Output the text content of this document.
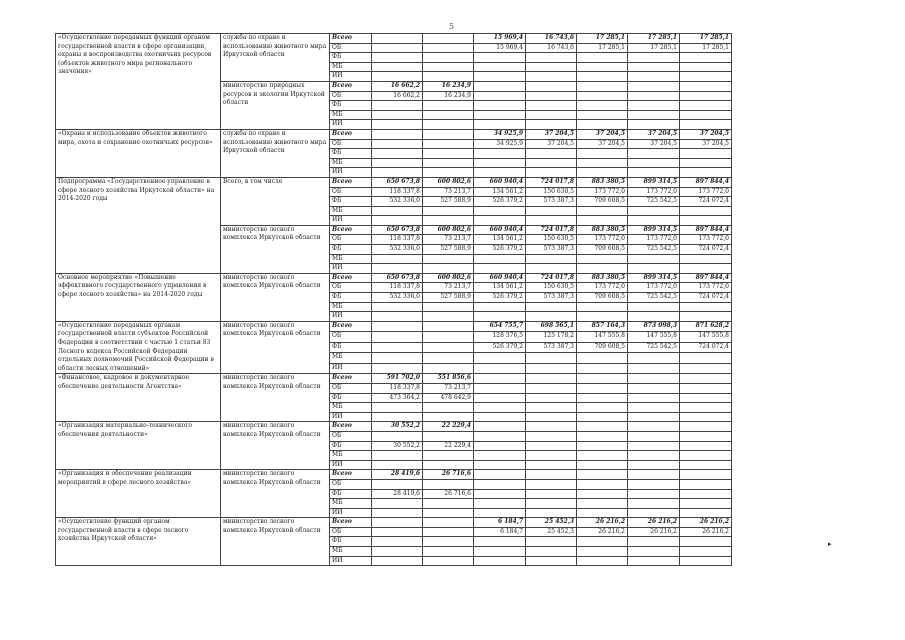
5
«Осуществление переданных функций органом государственной власти в сфере организации, охраны и воспроизводства охотничьих ресурсов (объектов животного мира регионального значения»	служба по охране и использованию животного мира Иркутской области	Всего			15 969,4	16 743,6	17 285,1	17 285,1	17 285,1
		ОБ			15 969,4	16 743,6	17 285,1	17 285,1	17 285,1
		ФБ							
		МБ							
		ИИ							
	министерство природных ресурсов и экологии Иркутской области	Всего	16 662,2	16 234,9					
		ОБ	16 662,2	16 234,9					
		ФБ							
		МБ							
		ИИ							
«Охрана и использование объектов животного мира, охота и сохранение охотничьих ресурсов»	служба по охране и использованию животного мира Иркутской области	Всего			34 925,9	37 204,5	37 204,5	37 204,5	37 204,5
		ОБ			34 925,9	37 204,5	37 204,5	37 204,5	37 204,5
		ФБ							
		МБ							
		ИИ							
Подпрограмма «Государственное управление в сфере лесного хозяйства Иркутской области» на 2014-2020 годы	Всего, в том числе	Всего	650 673,8	600 802,6	660 940,4	724 017,8	883 380,5	899 314,5	897 844,4
		ОБ	118 337,8	73 213,7	134 561,2	150 630,5	173 772,0	173 772,0	173 772,0
		ФБ	532 336,0	527 588,9	526 379,2	573 387,3	709 608,5	725 542,5	724 072,4
		МБ							
		ИИ							
	министерство лесного комплекса Иркутской области	Всего	650 673,8	600 802,6	660 940,4	724 017,8	883 380,5	899 314,5	897 844,4
		ОБ	118 337,8	73 213,7	134 561,2	150 630,5	173 772,0	173 772,0	173 772,0
		ФБ	532 336,0	527 588,9	526 379,2	573 387,3	709 608,5	725 542,5	724 072,4
		МБ							
		ИИ							
Основное мероприятие «Повышение эффективного государственного управления в сфере лесного хозяйства» на 2014-2020 годы	министерство лесного комплекса Иркутской области	Всего	650 673,8	600 802,6	660 940,4	724 017,8	883 380,5	899 314,5	897 844,4
		ОБ	118 337,8	73 213,7	134 561,2	150 630,5	173 772,0	173 772,0	173 772,0
		ФБ	532 336,0	527 588,9	526 379,2	573 387,3	709 608,5	725 542,5	724 072,4
		МБ							
		ИИ							
«Осуществление переданных органам государственной власти субъектов Российской Федерации в соответствии с частью 1 статьи 83 Лесного кодекса Российской Федерации отдельных полномочий Российской Федерации в области лесных отношений»	министерство лесного комплекса Иркутской области	Всего			654 755,7	698 565,1	857 164,3	873 098,3	871 628,2
		ОБ			128 376,5	125 178,2	147 555,8	147 555,8	147 555,8
		ФБ			526 379,2	573 387,3	709 608,5	725 542,5	724 072,4
		МБ							
		ИИ							
«Финансовое, кадровое и документарное обеспечение деятельности Агентства»	министерство лесного комплекса Иркутской области	Всего	591 702,0	551 856,6					
		ОБ	118 337,8	73 213,7					
		ФБ	473 364,2	478 642,9					
		МБ							
		ИИ							
«Организация материально-технического обеспечения деятельности»	министерство лесного комплекса Иркутской области	Всего	30 552,2	22 229,4					
		ОБ							
		ФБ	30 552,2	22 229,4					
		МБ							
		ИИ							
«Организация и обеспечение реализации мероприятий в сфере лесного хозяйства»	министерство лесного комплекса Иркутской области	Всего	28 419,6	26 716,6					
		ОБ							
		ФБ	28 419,6	26 716,6					
		МБ							
		ИИ							
«Осуществление функций органом государственной власти в сфере лесного хозяйства Иркутской области»	министерство лесного комплекса Иркутской области	Всего			6 184,7	25 452,3	26 216,2	26 216,2	26 216,2
		ОБ			6 184,7	25 452,3	26 216,2	26 216,2	26 216,2
		ФБ							
		МБ							
		ИИ							
▸
